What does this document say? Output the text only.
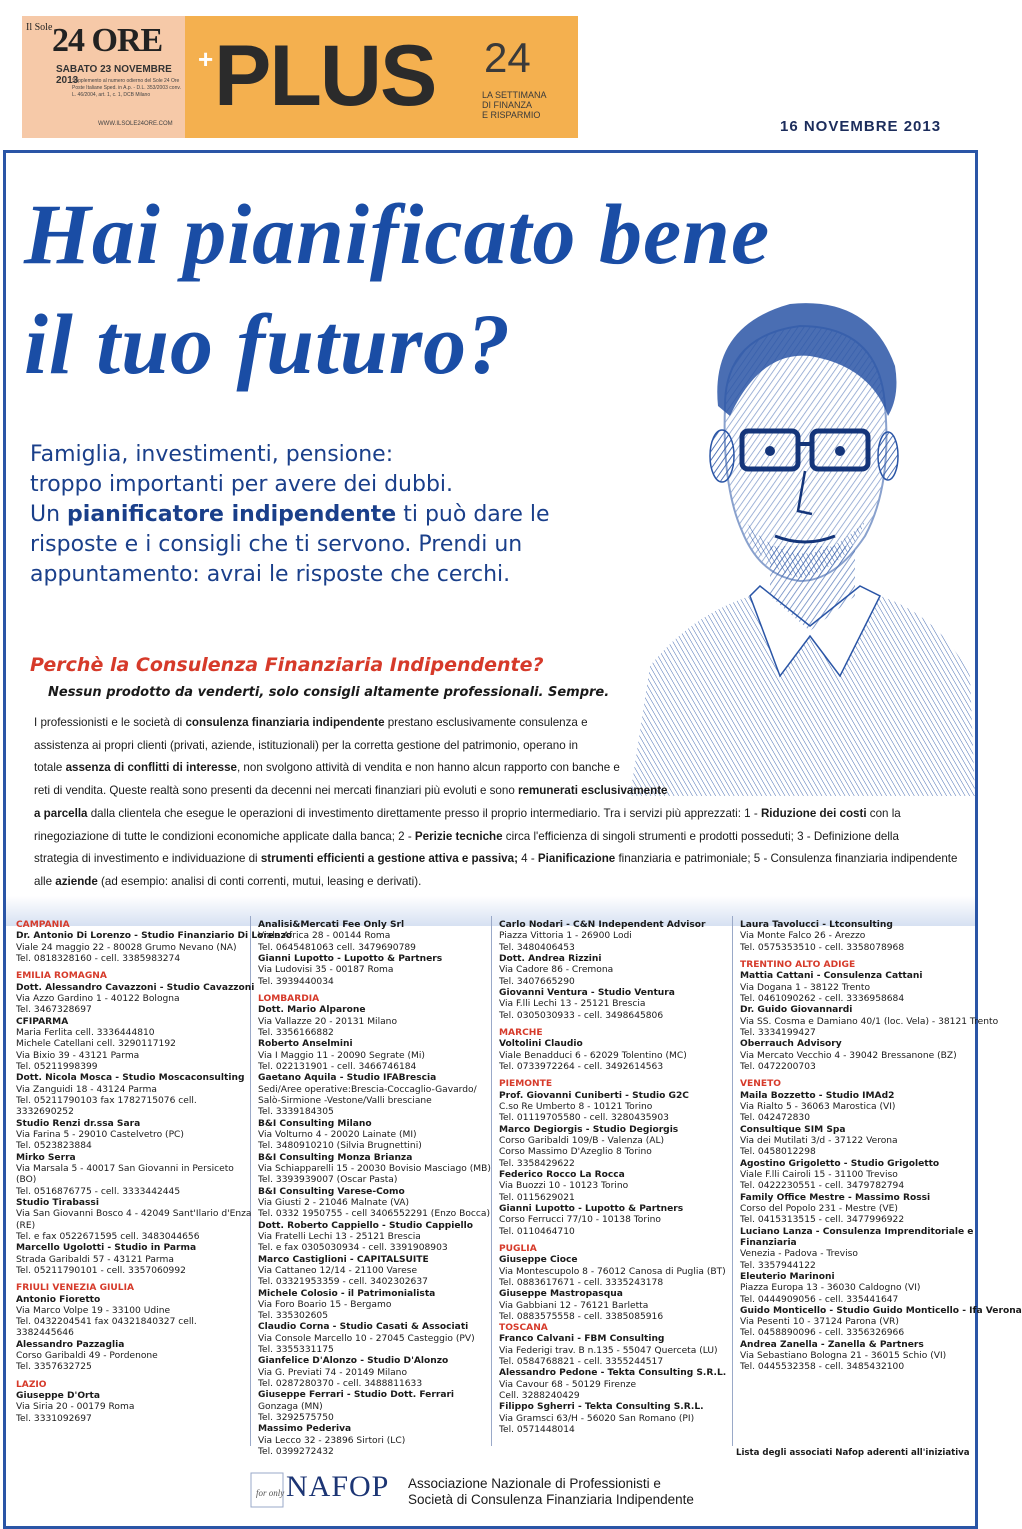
Il Sole 24 ORE
SABATO 23 NOVEMBRE 2013
Supplemento al numero odierno del Sole 24 Ore Poste Italiane Sped. in A.p. - D.L. 353/2003 conv. L. 46/2004, art. 1, c. 1, DCB Milano
WWW.ILSOLE24ORE.COM
+ PLUS 24
LA SETTIMANA
DI FINANZA
E RISPARMIO
16 NOVEMBRE 2013
Hai pianificato bene
il tuo futuro?

Famiglia, investimenti, pensione:

troppo importanti per avere dei dubbi.

Un pianificatore indipendente ti può dare le

risposte e i consigli che ti servono. Prendi un

appuntamento: avrai le risposte che cerchi.

Perchè la Consulenza Finanziaria Indipendente?
Nessun prodotto da venderti, solo consigli altamente professionali. Sempre.
I professionisti e le società di consulenza finanziaria indipendente prestano esclusivamente consulenza e
assistenza ai propri clienti (privati, aziende, istituzionali) per la corretta gestione del patrimonio, operano in
totale assenza di conflitti di interesse, non svolgono attività di vendita e non hanno alcun rapporto con banche e
reti di vendita. Queste realtà sono presenti da decenni nei mercati finanziari più evoluti e sono remunerati esclusivamente
a parcella dalla clientela che esegue le operazioni di investimento direttamente presso il proprio intermediario. Tra i servizi più apprezzati: 1 - Riduzione dei costi con la
rinegoziazione di tutte le condizioni economiche applicate dalla banca; 2 - Perizie tecniche circa l'efficienza di singoli strumenti e prodotti posseduti; 3 - Definizione della
strategia di investimento e individuazione di strumenti efficienti a gestione attiva e passiva; 4 - Pianificazione finanziaria e patrimoniale; 5 - Consulenza finanziaria indipendente
alle aziende (ad esempio: analisi di conti correnti, mutui, leasing e derivati).
CAMPANIA
Dr. Antonio Di Lorenzo - Studio Finanziario Di Lorenzo
Viale 24 maggio 22 - 80028 Grumo Nevano (NA)
Tel. 0818328160 - cell. 3385983274
EMILIA ROMAGNA
Dott. Alessandro Cavazzoni - Studio Cavazzoni
Via Azzo Gardino 1 - 40122 Bologna
Tel. 3467328697
CFIPARMA
Maria Ferlita cell. 3336444810
Michele Catellani cell. 3290117192
Via Bixio 39 - 43121 Parma
Tel. 05211998399
Dott. Nicola Mosca - Studio Moscaconsulting
Via Zanguidi 18 - 43124 Parma
Tel. 05211790103 fax 1782715076 cell.
3332690252
Studio Renzi dr.ssa Sara
Via Farina 5 - 29010 Castelvetro (PC)
Tel. 0523823884
Mirko Serra
Via Marsala 5 - 40017 San Giovanni in Persiceto
(BO)
Tel. 0516876775 - cell. 3333442445
Studio Tirabassi
Via San Giovanni Bosco 4 - 42049 Sant'Ilario d'Enza
(RE)
Tel. e fax 0522671595 cell. 3483044656
Marcello Ugolotti - Studio in Parma
Strada Garibaldi 57 - 43121 Parma
Tel. 05211790101 - cell. 3357060992
FRIULI VENEZIA GIULIA
Antonio Fioretto
Via Marco Volpe 19 - 33100 Udine
Tel. 0432204541 fax 04321840327 cell.
3382445646
Alessandro Pazzaglia
Corso Garibaldi 49 - Pordenone
Tel. 3357632725
LAZIO
Giuseppe D'Orta
Via Siria 20 - 00179 Roma
Tel. 3331092697
Analisi&Mercati Fee Only Srl
Viale Africa 28 - 00144 Roma
Tel. 0645481063 cell. 3479690789
Gianni Lupotto - Lupotto & Partners
Via Ludovisi 35 - 00187 Roma
Tel. 3939440034
LOMBARDIA
Dott. Mario Alparone
Via Vallazze 20 - 20131 Milano
Tel. 3356166882
Roberto Anselmini
Via I Maggio 11 - 20090 Segrate (Mi)
Tel. 022131901 - cell. 3466746184
Gaetano Aquila - Studio IFABrescia
Sedi/Aree operative:Brescia-Coccaglio-Gavardo/
Salò-Sirmione -Vestone/Valli bresciane
Tel. 3339184305
B&I Consulting Milano
Via Volturno 4 - 20020 Lainate (MI)
Tel. 3480910210 (Silvia Brugnettini)
B&I Consulting Monza Brianza
Via Schiapparelli 15 - 20030 Bovisio Masciago (MB)
Tel. 3393939007 (Oscar Pasta)
B&I Consulting Varese-Como
Via Giusti 2 - 21046 Malnate (VA)
Tel. 0332 1950755 - cell 3406552291 (Enzo Bocca)
Dott. Roberto Cappiello - Studio Cappiello
Via Fratelli Lechi 13 - 25121 Brescia
Tel. e fax 0305030934 - cell. 3391908903
Marco Castiglioni - CAPITALSUITE
Via Cattaneo 12/14 - 21100 Varese
Tel. 03321953359 - cell. 3402302637
Michele Colosio - il Patrimonialista
Via Foro Boario 15 - Bergamo
Tel. 335302605
Claudio Corna - Studio Casati & Associati
Via Console Marcello 10 - 27045 Casteggio (PV)
Tel. 3355331175
Gianfelice D'Alonzo - Studio D'Alonzo
Via G. Previati 74 - 20149 Milano
Tel. 0287280370 - cell. 3488811633
Giuseppe Ferrari - Studio Dott. Ferrari
Gonzaga (MN)
Tel. 3292575750
Massimo Pederiva
Via Lecco 32 - 23896 Sirtori (LC)
Tel. 0399272432
Carlo Nodari - C&N Independent Advisor
Piazza Vittoria 1 - 26900 Lodi
Tel. 3480406453
Dott. Andrea Rizzini
Via Cadore 86 - Cremona
Tel. 3407665290
Giovanni Ventura - Studio Ventura
Via F.lli Lechi 13 - 25121 Brescia
Tel. 0305030933 - cell. 3498645806
MARCHE
Voltolini Claudio
Viale Benadduci 6 - 62029 Tolentino (MC)
Tel. 0733972264 - cell. 3492614563
PIEMONTE
Prof. Giovanni Cuniberti - Studio G2C
C.so Re Umberto 8 - 10121 Torino
Tel. 01119705580 - cell. 3280435903
Marco Degiorgis - Studio Degiorgis
Corso Garibaldi 109/B - Valenza (AL)
Corso Massimo D'Azeglio 8 Torino
Tel. 3358429622
Federico Rocco La Rocca
Via Buozzi 10 - 10123 Torino
Tel. 0115629021
Gianni Lupotto - Lupotto & Partners
Corso Ferrucci 77/10 - 10138 Torino
Tel. 0110464710
PUGLIA
Giuseppe Cioce
Via Montescupolo 8 - 76012 Canosa di Puglia (BT)
Tel. 0883617671 - cell. 3335243178
Giuseppe Mastropasqua
Via Gabbiani 12 - 76121 Barletta
Tel. 0883575558 - cell. 3385085916
TOSCANA
Franco Calvani - FBM Consulting
Via Federigi trav. B n.135 - 55047 Querceta (LU)
Tel. 0584768821 - cell. 3355244517
Alessandro Pedone - Tekta Consulting S.R.L.
Via Cavour 68 - 50129 Firenze
Cell. 3288240429
Filippo Sgherri - Tekta Consulting S.R.L.
Via Gramsci 63/H - 56020 San Romano (PI)
Tel. 0571448014
Laura Tavolucci - Ltconsulting
Via Monte Falco 26 - Arezzo
Tel. 0575353510 - cell. 3358078968
TRENTINO ALTO ADIGE
Mattia Cattani - Consulenza Cattani
Via Dogana 1 - 38122 Trento
Tel. 0461090262 - cell. 3336958684
Dr. Guido Giovannardi
Via SS. Cosma e Damiano 40/1 (loc. Vela) - 38121 Trento
Tel. 3334199427
Oberrauch Advisory
Via Mercato Vecchio 4 - 39042 Bressanone (BZ)
Tel. 0472200703
VENETO
Maila Bozzetto - Studio IMAd2
Via Rialto 5 - 36063 Marostica (VI)
Tel. 042472830
Consultique SIM Spa
Via dei Mutilati 3/d - 37122 Verona
Tel. 0458012298
Agostino Grigoletto - Studio Grigoletto
Viale F.lli Cairoli 15 - 31100 Treviso
Tel. 0422230551 - cell. 3479782794
Family Office Mestre - Massimo Rossi
Corso del Popolo 231 - Mestre (VE)
Tel. 0415313515 - cell. 3477996922
Luciano Lanza - Consulenza Imprenditoriale e
Finanziaria
Venezia - Padova - Treviso
Tel. 3357944122
Eleuterio Marinoni
Piazza Europa 13 - 36030 Caldogno (VI)
Tel. 0444909056 - cell. 335441647
Guido Monticello - Studio Guido Monticello - Ifa Verona
Via Pesenti 10 - 37124 Parona (VR)
Tel. 0458890096 - cell. 3356326966
Andrea Zanella - Zanella & Partners
Via Sebastiano Bologna 21 - 36015 Schio (VI)
Tel. 0445532358 - cell. 3485432100
Lista degli associati Nafop aderenti all'iniziativa
for only NAFOP Associazione Nazionale di Professionisti e
Società di Consulenza Finanziaria Indipendente
